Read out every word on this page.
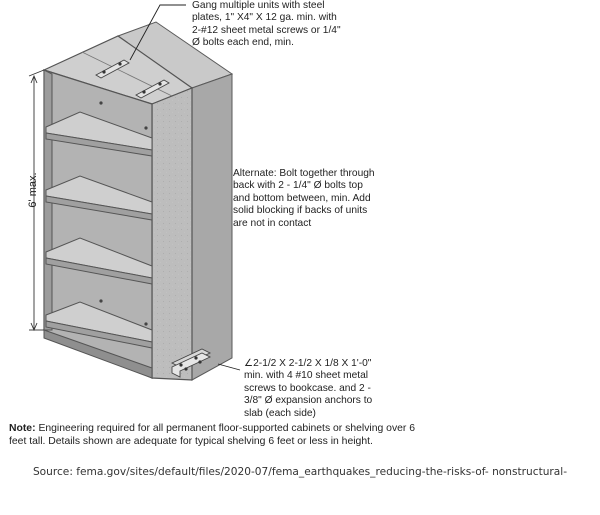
6' max.
Gang multiple units with steel
plates, 1" X4" X 12 ga. min. with
2-#12 sheet metal screws or 1/4"
Ø bolts each end, min.
Alternate: Bolt together through
back with 2 - 1/4" Ø bolts top
and bottom between, min. Add
solid blocking if backs of units
are not in contact
∠2-1/2 X 2-1/2 X 1/8 X 1'-0"
min. with 4 #10 sheet metal
screws to bookcase. and 2 -
3/8" Ø expansion anchors to
slab (each side)
Note: Engineering required for all permanent floor-supported cabinets or shelving over 6
feet tall. Details shown are adequate for typical shelving 6 feet or less in height.
Source: fema.gov/sites/default/files/2020-07/fema_earthquakes_reducing-the-risks-of- nonstructural-
